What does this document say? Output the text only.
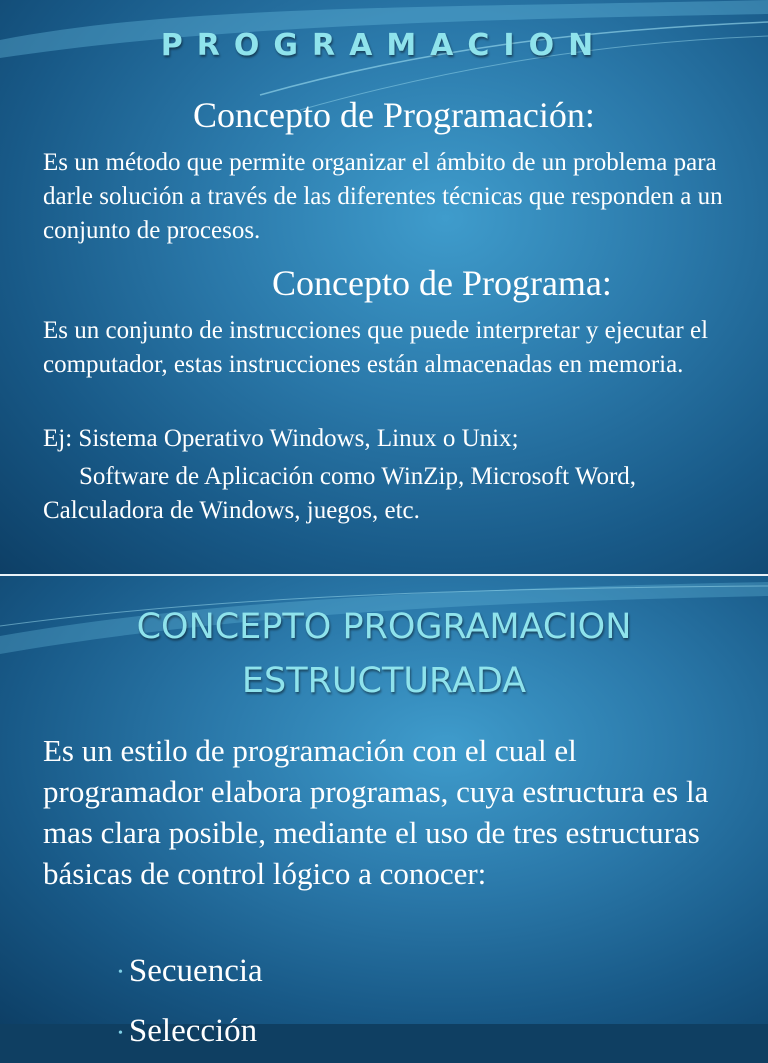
PROGRAMACION
Concepto de Programación:
Es un método que permite organizar el ámbito de un problema para darle solución a través de las diferentes técnicas que responden a un conjunto de procesos.
Concepto de Programa:
Es un conjunto de instrucciones que puede interpretar y ejecutar el computador, estas instrucciones están almacenadas en memoria.
Ej: Sistema Operativo Windows, Linux o Unix;
Software de Aplicación como WinZip, Microsoft Word, Calculadora de Windows, juegos, etc.
CONCEPTO PROGRAMACION
ESTRUCTURADA
Es un estilo de programación con el cual el programador elabora programas, cuya estructura es la mas clara posible, mediante el uso de tres estructuras básicas de control lógico a conocer:
• Secuencia
• Selección
